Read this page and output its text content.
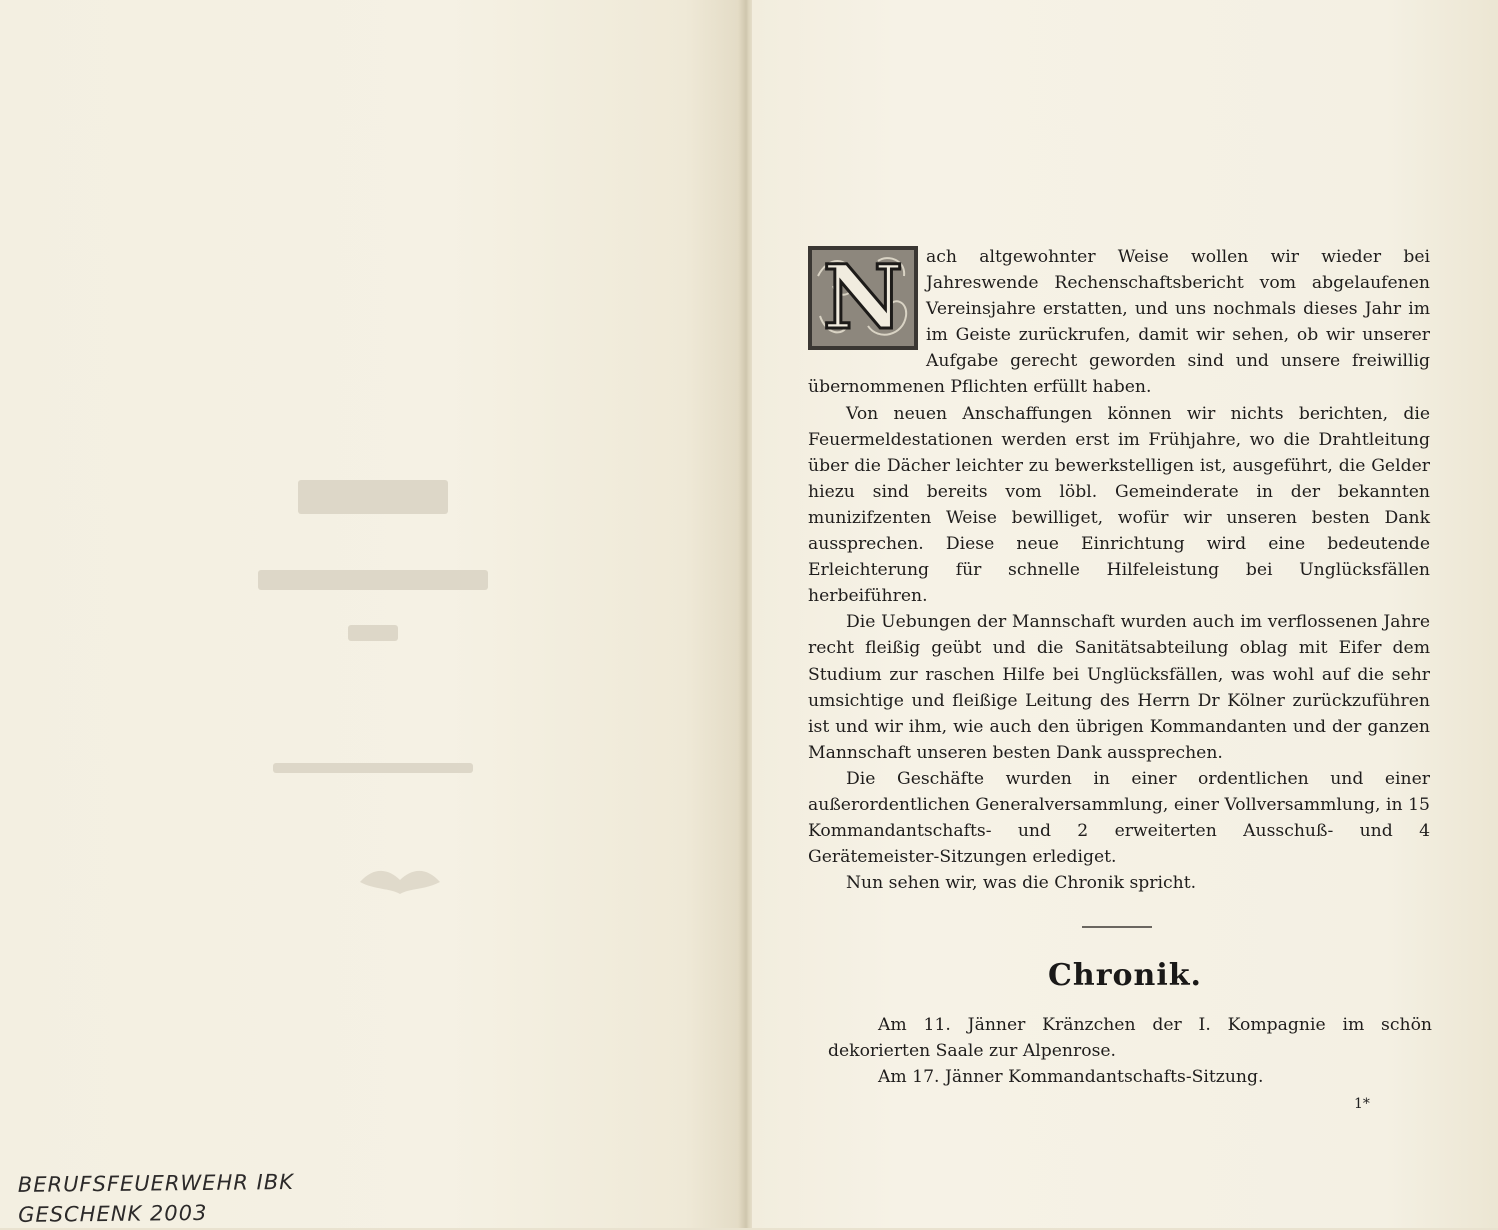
BERUFSFEUERWEHR IBK
GESCHENK 2003
N	ach altgewohnter Weise wollen wir wieder bei Jahreswende Rechenschaftsbericht vom abgelaufenen Vereinsjahre erstatten, und uns nochmals dieses Jahr im im Geiste zurückrufen, damit wir sehen, ob wir unserer Aufgabe gerecht geworden sind und unsere freiwillig übernommenen Pflichten erfüllt haben.

Von neuen Anschaffungen können wir nichts berichten, die Feuermeldestationen werden erst im Frühjahre, wo die Drahtleitung über die Dächer leichter zu bewerkstelligen ist, ausgeführt, die Gelder hiezu sind bereits vom löbl. Gemeinderate in der bekannten munizifzenten Weise bewilliget, wofür wir unseren besten Dank aussprechen. Diese neue Einrichtung wird eine bedeutende Erleichterung für schnelle Hilfeleistung bei Unglücksfällen herbeiführen.

Die Uebungen der Mannschaft wurden auch im verflossenen Jahre recht fleißig geübt und die Sanitätsabteilung oblag mit Eifer dem Studium zur raschen Hilfe bei Unglücksfällen, was wohl auf die sehr umsichtige und fleißige Leitung des Herrn Dr Kölner zurückzuführen ist und wir ihm, wie auch den übrigen Kommandanten und der ganzen Mannschaft unseren besten Dank aussprechen.

Die Geschäfte wurden in einer ordentlichen und einer außerordentlichen Generalversammlung, einer Vollversammlung, in 15 Kommandantschafts- und 2 erweiterten Ausschuß- und 4 Gerätemeister-Sitzungen erlediget.

Nun sehen wir, was die Chronik spricht.

Chronik.

Am 11. Jänner Kränzchen der I. Kompagnie im schön dekorierten Saale zur Alpenrose.

Am 17. Jänner Kommandantschafts-Sitzung.

1*
